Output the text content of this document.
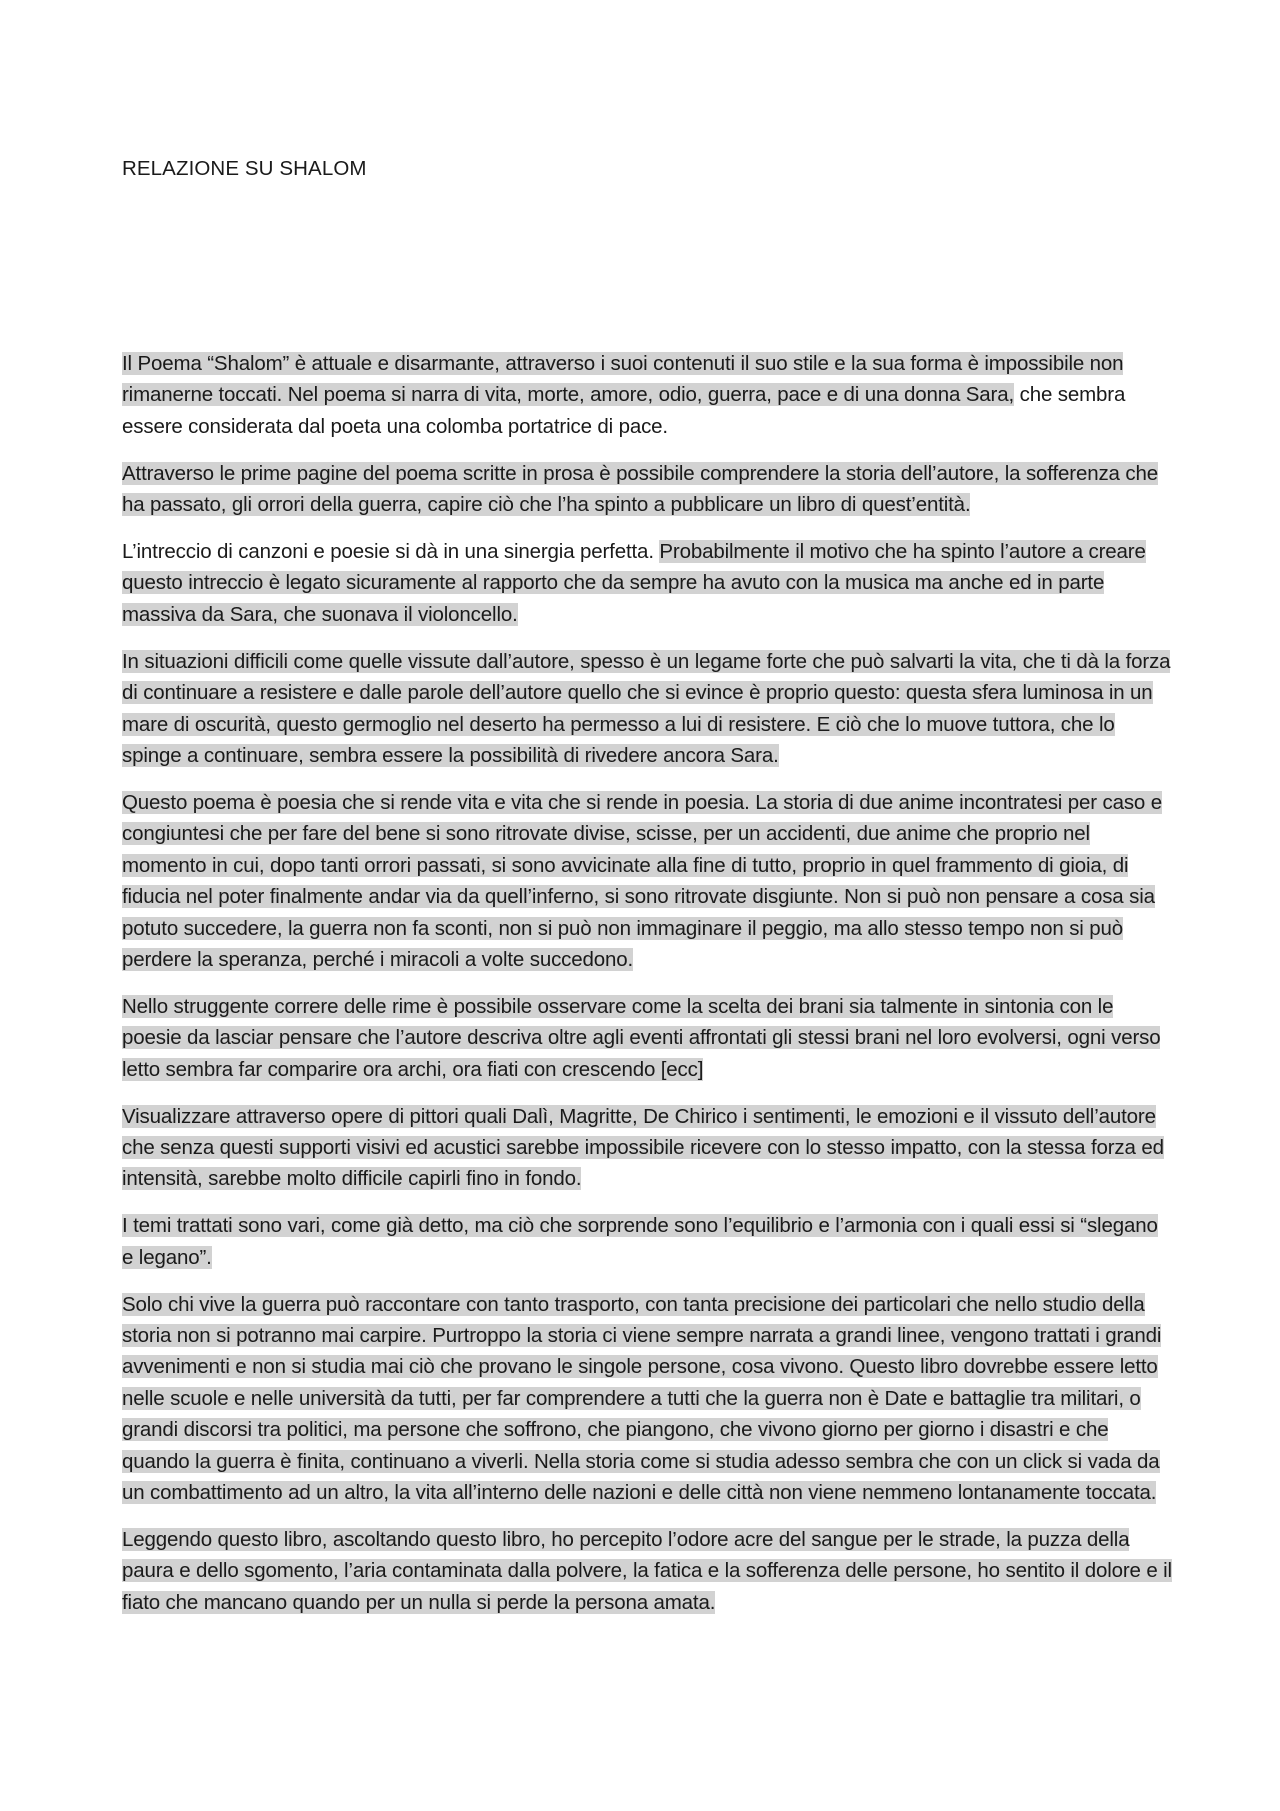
RELAZIONE SU SHALOM

Il Poema “Shalom” è attuale e disarmante, attraverso i suoi contenuti il suo stile e la sua forma è impossibile non rimanerne toccati. Nel poema si narra di vita, morte, amore, odio, guerra, pace e di una donna Sara, che sembra essere considerata dal poeta una colomba portatrice di pace.

Attraverso le prime pagine del poema scritte in prosa è possibile comprendere la storia dell’autore, la sofferenza che ha passato, gli orrori della guerra, capire ciò che l’ha spinto a pubblicare un libro di quest’entità.

L’intreccio di canzoni e poesie si dà in una sinergia perfetta. Probabilmente il motivo che ha spinto l’autore a creare questo intreccio è legato sicuramente al rapporto che da sempre ha avuto con la musica ma anche ed in parte massiva da Sara, che suonava il violoncello.

In situazioni difficili come quelle vissute dall’autore, spesso è un legame forte che può salvarti la vita, che ti dà la forza di continuare a resistere e dalle parole dell’autore quello che si evince è proprio questo: questa sfera luminosa in un mare di oscurità, questo germoglio nel deserto ha permesso a lui di resistere. E ciò che lo muove tuttora, che lo spinge a continuare, sembra essere la possibilità di rivedere ancora Sara.

Questo poema è poesia che si rende vita e vita che si rende in poesia. La storia di due anime incontratesi per caso e congiuntesi che per fare del bene si sono ritrovate divise, scisse, per un accidenti, due anime che proprio nel momento in cui, dopo tanti orrori passati, si sono avvicinate alla fine di tutto, proprio in quel frammento di gioia, di fiducia nel poter finalmente andar via da quell’inferno, si sono ritrovate disgiunte. Non si può non pensare a cosa sia potuto succedere, la guerra non fa sconti, non si può non immaginare il peggio, ma allo stesso tempo non si può perdere la speranza, perché i miracoli a volte succedono.

Nello struggente correre delle rime è possibile osservare come la scelta dei brani sia talmente in sintonia con le poesie da lasciar pensare che l’autore descriva oltre agli eventi affrontati gli stessi brani nel loro evolversi, ogni verso letto sembra far comparire ora archi, ora fiati con crescendo [ecc]

Visualizzare attraverso opere di pittori quali Dalì, Magritte, De Chirico i sentimenti, le emozioni e il vissuto dell’autore che senza questi supporti visivi ed acustici sarebbe impossibile ricevere con lo stesso impatto, con la stessa forza ed intensità, sarebbe molto difficile capirli fino in fondo.

I temi trattati sono vari, come già detto, ma ciò che sorprende sono l’equilibrio e l’armonia con i quali essi si “slegano e legano”.

Solo chi vive la guerra può raccontare con tanto trasporto, con tanta precisione dei particolari che nello studio della storia non si potranno mai carpire. Purtroppo la storia ci viene sempre narrata a grandi linee, vengono trattati i grandi avvenimenti e non si studia mai ciò che provano le singole persone, cosa vivono. Questo libro dovrebbe essere letto nelle scuole e nelle università da tutti, per far comprendere a tutti che la guerra non è Date e battaglie tra militari, o grandi discorsi tra politici, ma persone che soffrono, che piangono, che vivono giorno per giorno i disastri e che quando la guerra è finita, continuano a viverli. Nella storia come si studia adesso sembra che con un click si vada da un combattimento ad un altro, la vita all’interno delle nazioni e delle città non viene nemmeno lontanamente toccata.

Leggendo questo libro, ascoltando questo libro, ho percepito l’odore acre del sangue per le strade, la puzza della paura e dello sgomento, l’aria contaminata dalla polvere, la fatica e la sofferenza delle persone, ho sentito il dolore e il fiato che mancano quando per un nulla si perde la persona amata.
